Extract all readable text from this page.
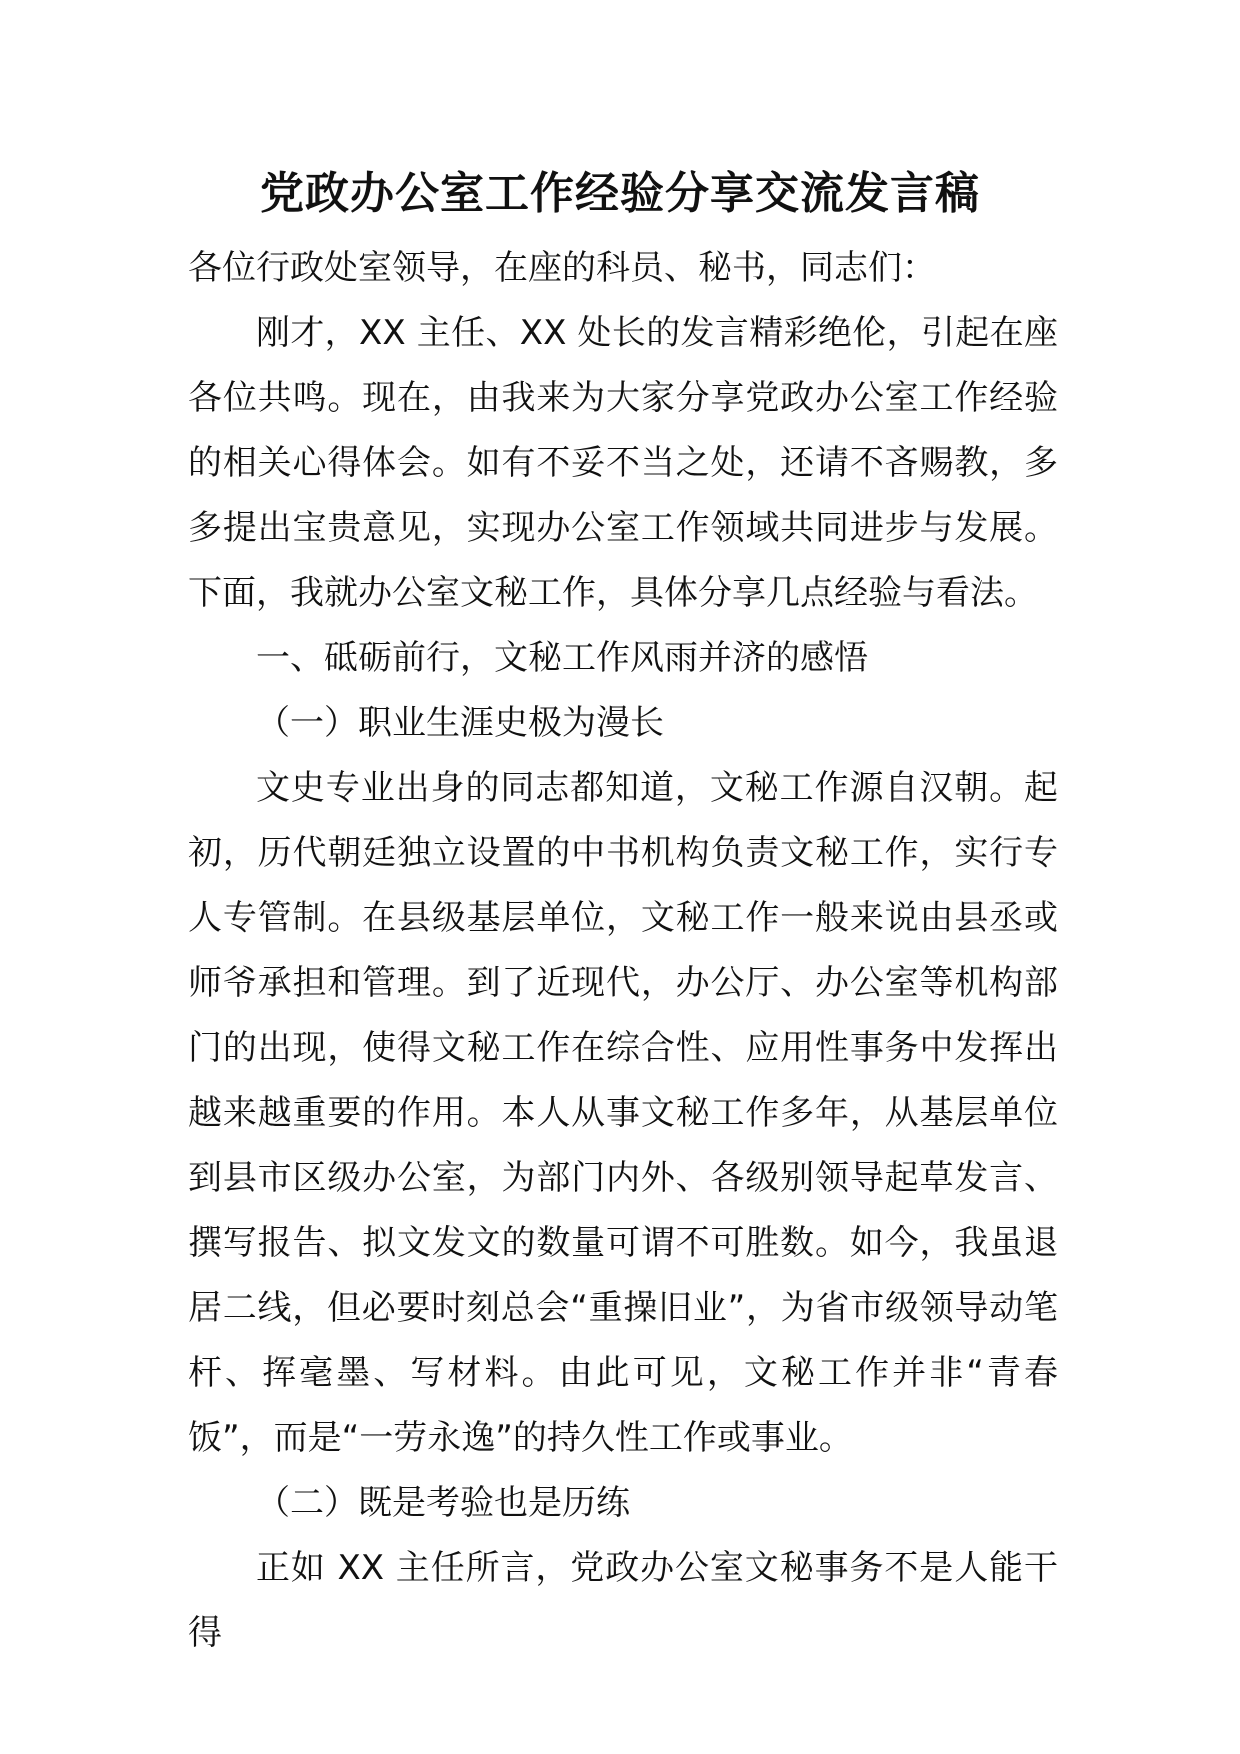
党政办公室工作经验分享交流发言稿

各位行政处室领导，在座的科员、秘书，同志们：

刚才，XX 主任、XX 处长的发言精彩绝伦，引起在座各位共鸣。现在，由我来为大家分享党政办公室工作经验的相关心得体会。如有不妥不当之处，还请不吝赐教，多多提出宝贵意见，实现办公室工作领域共同进步与发展。下面，我就办公室文秘工作，具体分享几点经验与看法。

一、砥砺前行，文秘工作风雨并济的感悟

（一）职业生涯史极为漫长

文史专业出身的同志都知道，文秘工作源自汉朝。起初，历代朝廷独立设置的中书机构负责文秘工作，实行专人专管制。在县级基层单位，文秘工作一般来说由县丞或师爷承担和管理。到了近现代，办公厅、办公室等机构部门的出现，使得文秘工作在综合性、应用性事务中发挥出越来越重要的作用。本人从事文秘工作多年，从基层单位到县市区级办公室，为部门内外、各级别领导起草发言、撰写报告、拟文发文的数量可谓不可胜数。如今，我虽退居二线，但必要时刻总会“重操旧业”，为省市级领导动笔杆、挥毫墨、写材料。由此可见，文秘工作并非“青春饭”，而是“一劳永逸”的持久性工作或事业。

（二）既是考验也是历练

正如 XX 主任所言，党政办公室文秘事务不是人能干得
